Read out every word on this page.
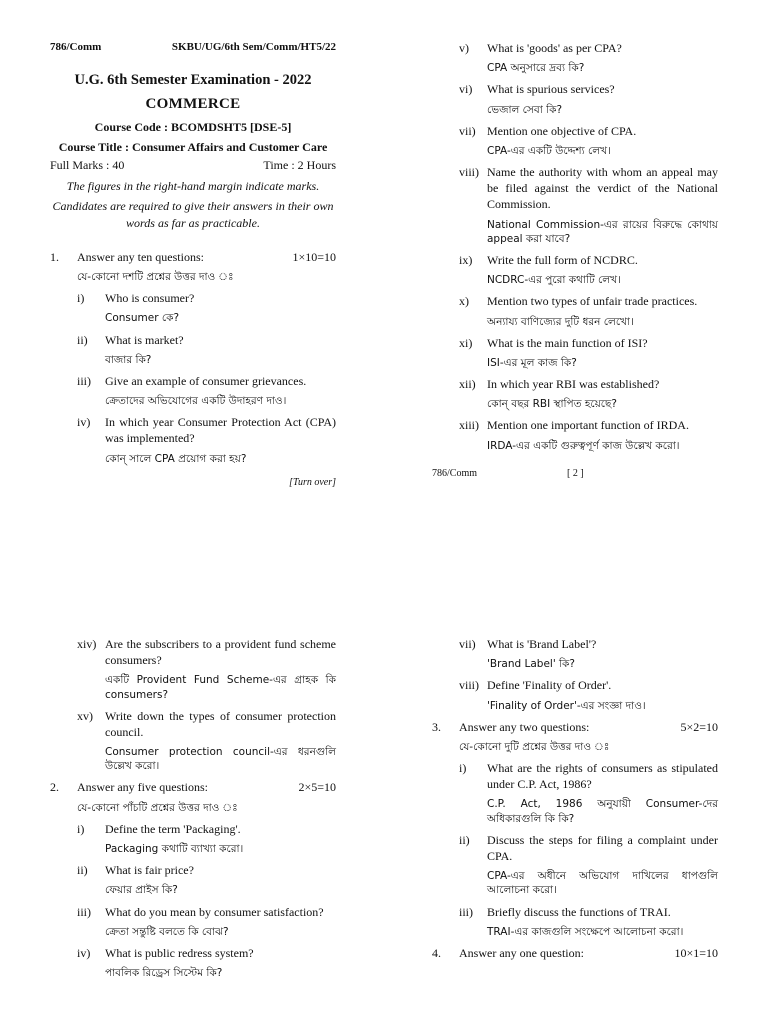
786/Comm	SKBU/UG/6th Sem/Comm/HT5/22
U.G. 6th Semester Examination - 2022
COMMERCE
Course Code : BCOMDSHT5 [DSE-5]
Course Title : Consumer Affairs and Customer Care
Full Marks : 40	Time : 2 Hours
The figures in the right-hand margin indicate marks.
Candidates are required to give their answers in their own words as far as practicable.
1.	Answer any ten questions:	1×10=10
যে-কোনো দশটি প্রশ্নের উত্তর দাও ঃ
i)	Who is consumer?
Consumer কে?
ii)	What is market?
বাজার কি?
iii)	Give an example of consumer grievances.
ক্রেতাদের অভিযোগের একটি উদাহরণ দাও।
iv)	In which year Consumer Protection Act (CPA) was implemented?
কোন্ সালে CPA প্রয়োগ করা হয়?
[Turn over]
v)	What is 'goods' as per CPA?
CPA অনুসারে দ্রব্য কি?
vi)	What is spurious services?
ভেজাল সেবা কি?
vii) Mention one objective of CPA.
CPA-এর একটি উদ্দেশ্য লেখ।
viii) Name the authority with whom an appeal may be filed against the verdict of the National Commission.
National Commission-এর রায়ের বিরুদ্ধে কোথায় appeal করা যাবে?
ix)	Write the full form of NCDRC.
NCDRC-এর পুরো কথাটি লেখ।
x)	Mention two types of unfair trade practices.
অন্যায্য বাণিজ্যের দুটি ধরন লেখো।
xi)	What is the main function of ISI?
ISI-এর মূল কাজ কি?
xii) In which year RBI was established?
কোন্ বছর RBI স্থাপিত হয়েছে?
xiii) Mention one important function of IRDA.
IRDA-এর একটি গুরুত্বপূর্ণ কাজ উল্লেখ করো।
786/Comm	[ 2 ]
xiv) Are the subscribers to a provident fund scheme consumers?
একটি Provident Fund Scheme-এর গ্রাহক কি consumers?
xv)	Write down the types of consumer protection council.
Consumer protection council-এর ধরনগুলি উল্লেখ করো।
2.	Answer any five questions:	2×5=10
যে-কোনো পাঁচটি প্রশ্নের উত্তর দাও ঃ
i)	Define the term 'Packaging'.
Packaging কথাটি ব্যাখ্যা করো।
ii)	What is fair price?
ফেয়ার প্রাইস কি?
iii)	What do you mean by consumer satisfaction?
ক্রেতা সন্তুষ্টি বলতে কি বোঝ?
iv)	What is public redress system?
পাবলিক রিড্রেস সিস্টেম কি?
vii) What is 'Brand Label'?
'Brand Label' কি?
viii) Define 'Finality of Order'.
'Finality of Order'-এর সংজ্ঞা দাও।
3.	Answer any two questions:	5×2=10
যে-কোনো দুটি প্রশ্নের উত্তর দাও ঃ
i)	What are the rights of consumers as stipulated under C.P. Act, 1986?
C.P. Act, 1986 অনুযায়ী Consumer-দের অধিকারগুলি কি কি?
ii)	Discuss the steps for filing a complaint under CPA.
CPA-এর অধীনে অভিযোগ দাখিলের ধাপগুলি আলোচনা করো।
iii)	Briefly discuss the functions of TRAI.
TRAI-এর কাজগুলি সংক্ষেপে আলোচনা করো।
4.	Answer any one question:	10×1=10
